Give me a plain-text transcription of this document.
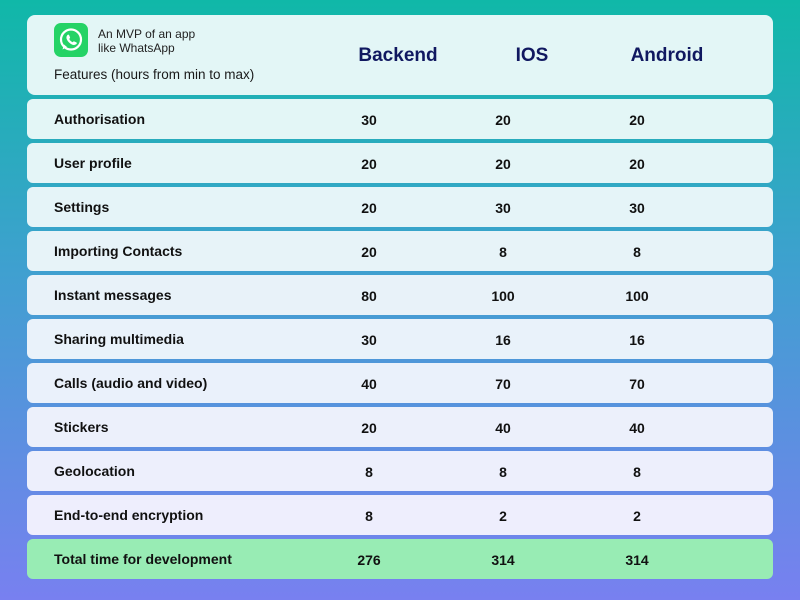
An MVP of an app
like WhatsApp
Features (hours from min to max)
Backend	IOS	Android
Authorisation	30	20	20
User profile	20	20	20
Settings	20	30	30
Importing Contacts	20	8	8
Instant messages	80	100	100
Sharing multimedia	30	16	16
Calls (audio and video)	40	70	70
Stickers	20	40	40
Geolocation	8	8	8
End-to-end encryption	8	2	2
Total time for development	276	314	314
